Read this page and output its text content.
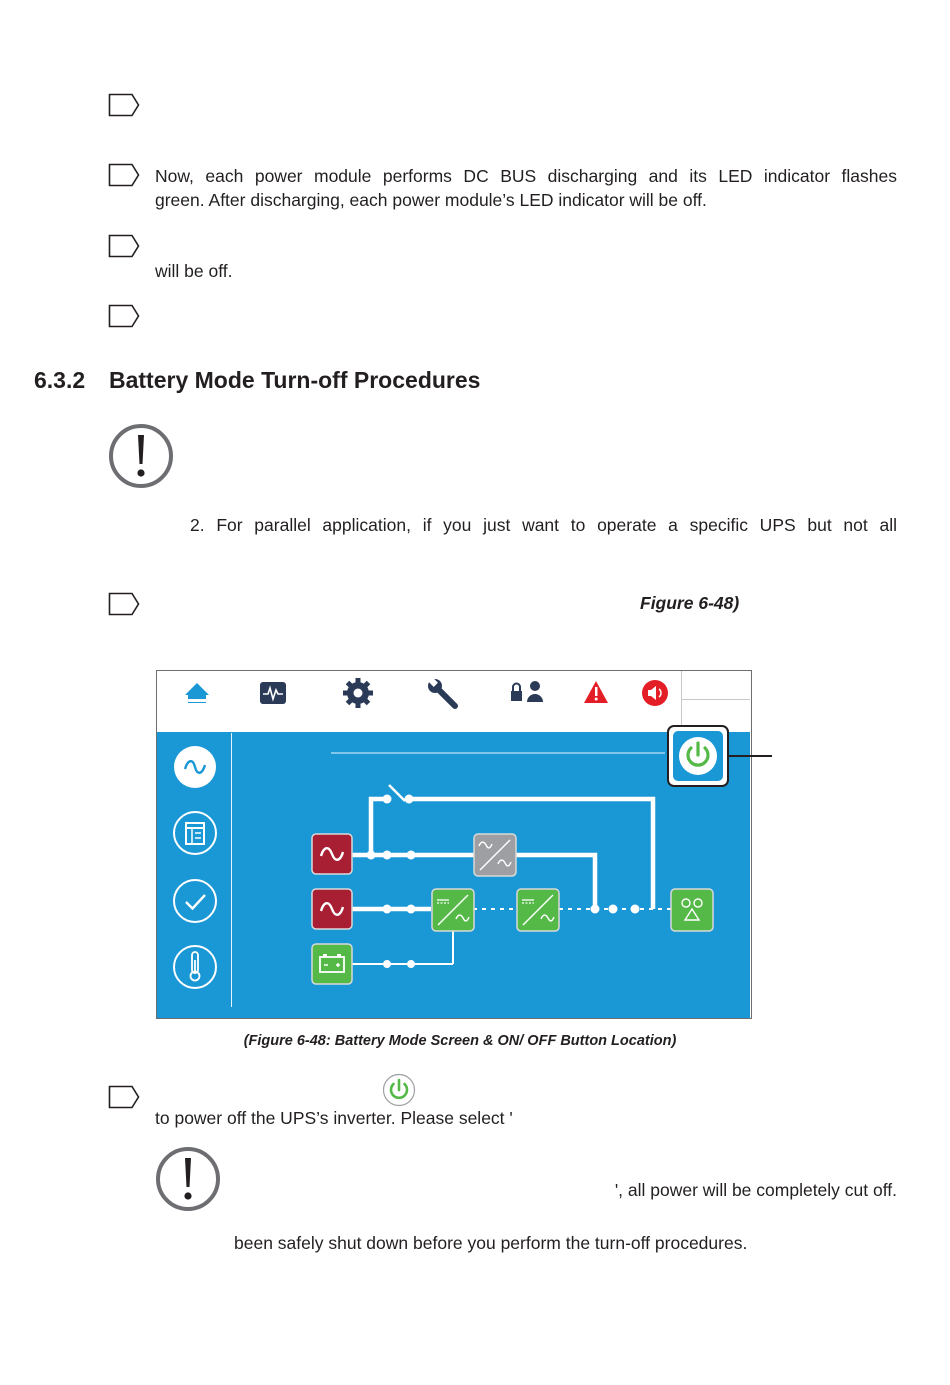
Now, each power module performs DC BUS discharging and its LED indicator flashes
green. After discharging, each power module’s LED indicator will be off.
will be off.
6.3.2 Battery Mode Turn-off Procedures
2. For parallel application, if you just want to operate a specific UPS but not all
Figure 6-48)
(Figure 6-48: Battery Mode Screen & ON/ OFF Button Location)
to power off the UPS’s inverter. Please select '
', all power will be completely cut off.
been safely shut down before you perform the turn-off procedures.
